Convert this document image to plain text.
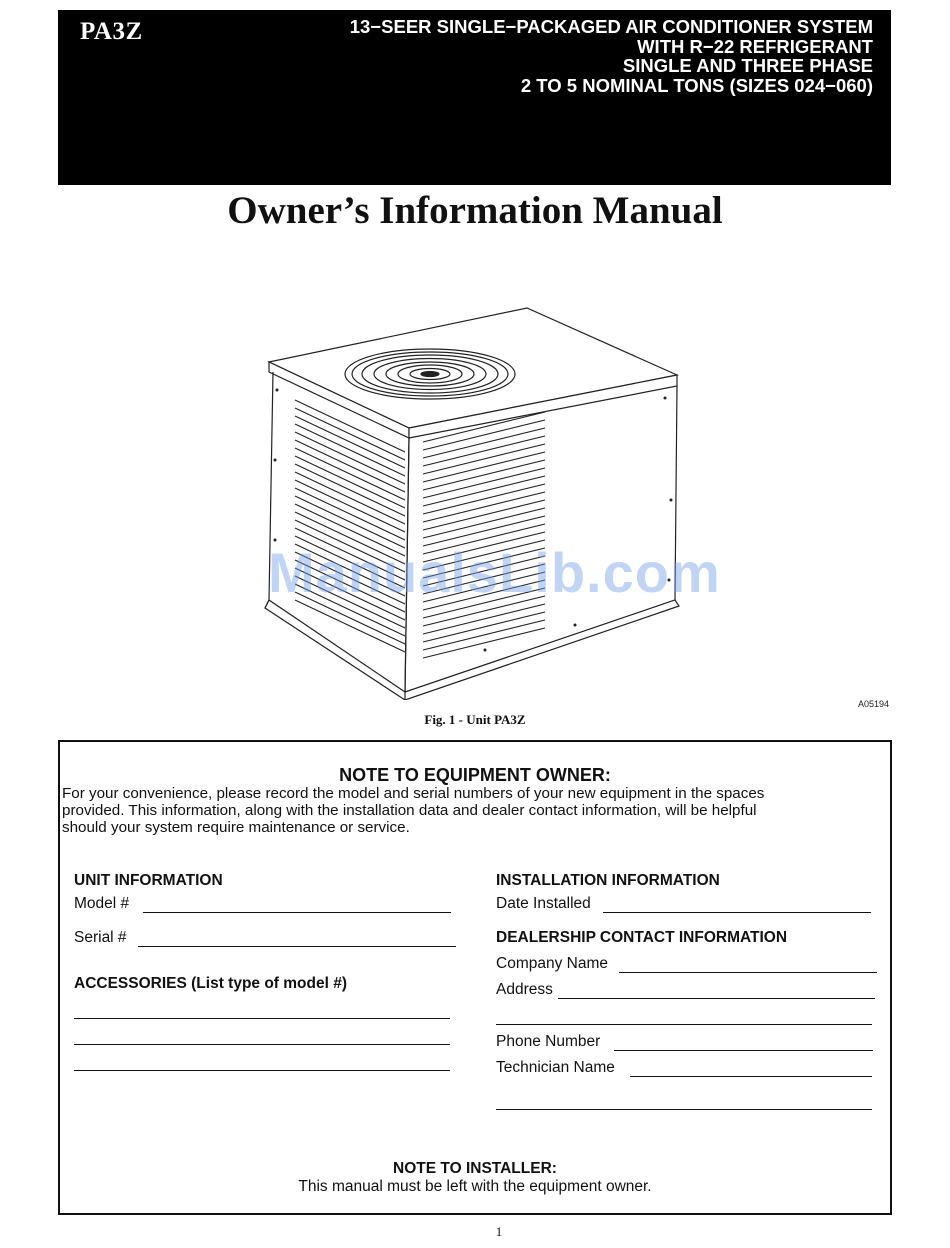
PA3Z	13−SEER SINGLE−PACKAGED AIR CONDITIONER SYSTEM
WITH R−22 REFRIGERANT
SINGLE AND THREE PHASE
2 TO 5 NOMINAL TONS (SIZES 024−060)
Owner’s Information Manual
ManualsLib.com
A05194
Fig. 1 - Unit PA3Z
NOTE TO EQUIPMENT OWNER:
For your convenience, please record the model and serial numbers of your new equipment in the spaces
provided. This information, along with the installation data and dealer contact information, will be helpful
should your system require maintenance or service.
UNIT INFORMATION
Model #
Serial #
ACCESSORIES (List type of model #)
INSTALLATION INFORMATION
Date Installed
DEALERSHIP CONTACT INFORMATION
Company Name
Address
Phone Number
Technician Name
NOTE TO INSTALLER:
This manual must be left with the equipment owner.
1
